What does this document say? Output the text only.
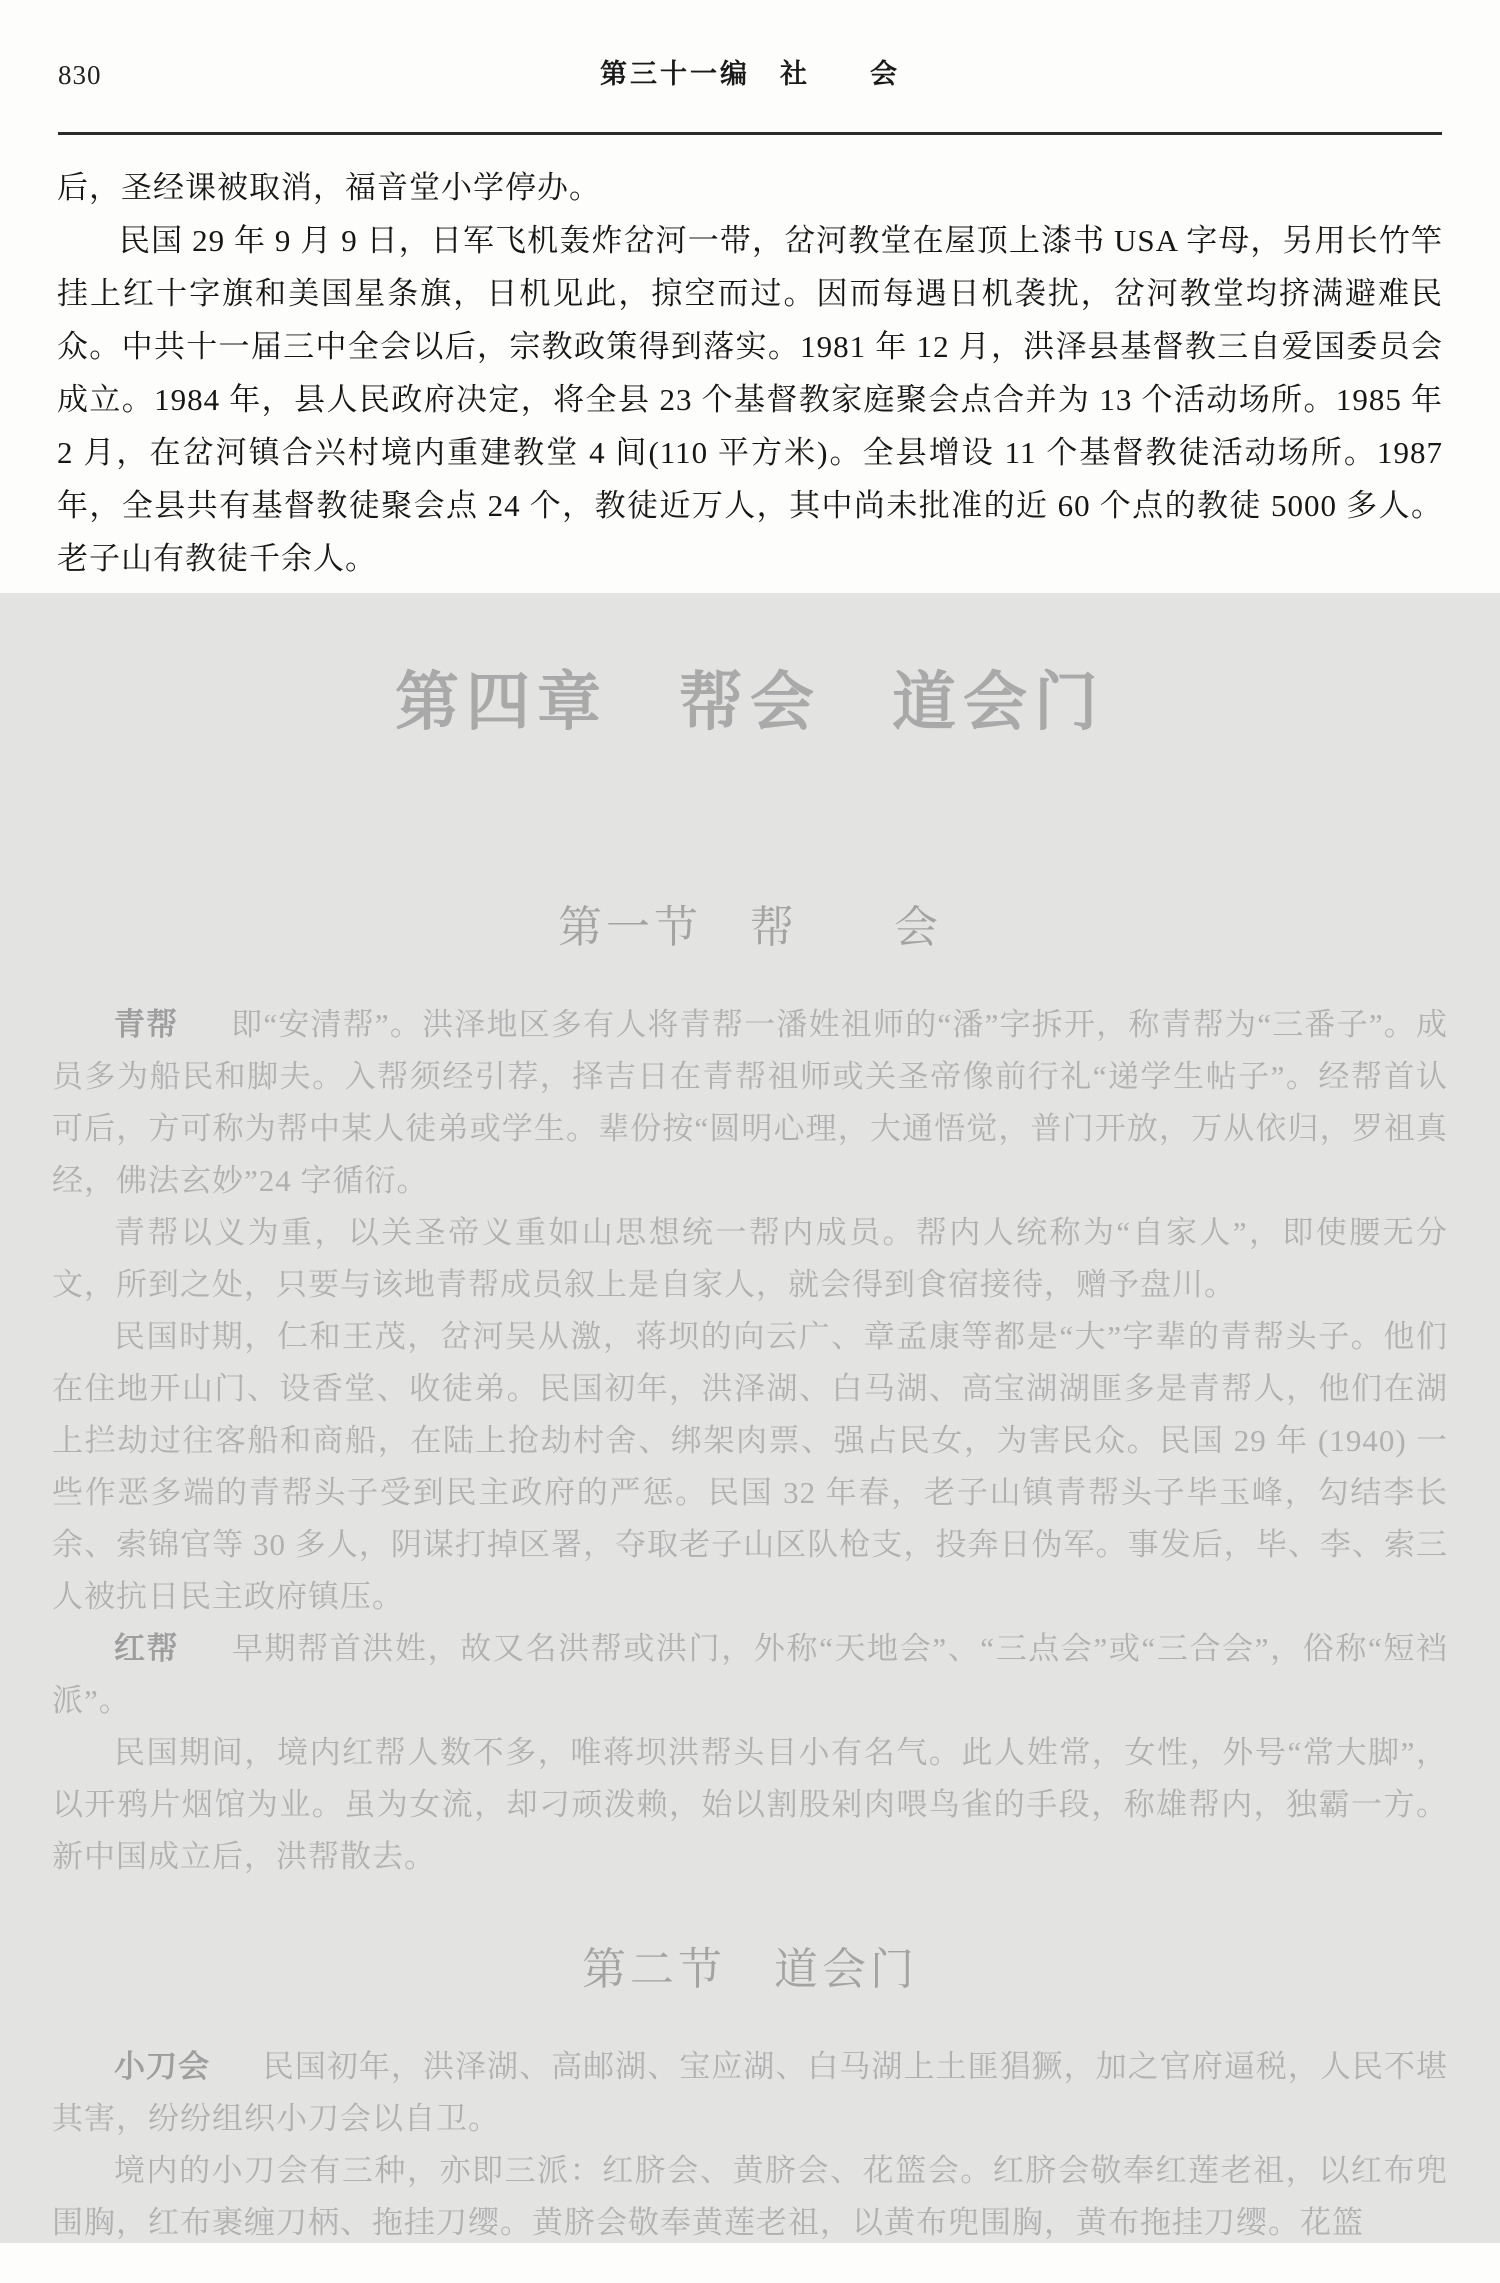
830	第三十一编　社　　会

后，圣经课被取消，福音堂小学停办。

民国 29 年 9 月 9 日，日军飞机轰炸岔河一带，岔河教堂在屋顶上漆书 USA 字母，另用长竹竿挂上红十字旗和美国星条旗，日机见此，掠空而过。因而每遇日机袭扰，岔河教堂均挤满避难民众。中共十一届三中全会以后，宗教政策得到落实。1981 年 12 月，洪泽县基督教三自爱国委员会成立。1984 年，县人民政府决定，将全县 23 个基督教家庭聚会点合并为 13 个活动场所。1985 年 2 月，在岔河镇合兴村境内重建教堂 4 间(110 平方米)。全县增设 11 个基督教徒活动场所。1987 年，全县共有基督教徒聚会点 24 个，教徒近万人，其中尚未批准的近 60 个点的教徒 5000 多人。老子山有教徒千余人。

第四章　帮会　道会门
第一节　帮　　会

青帮 即“安清帮”。洪泽地区多有人将青帮一潘姓祖师的“潘”字拆开，称青帮为“三番子”。成员多为船民和脚夫。入帮须经引荐，择吉日在青帮祖师或关圣帝像前行礼“递学生帖子”。经帮首认可后，方可称为帮中某人徒弟或学生。辈份按“圆明心理，大通悟觉，普门开放，万从依归，罗祖真经，佛法玄妙”24 字循衍。

青帮以义为重，以关圣帝义重如山思想统一帮内成员。帮内人统称为“自家人”，即使腰无分文，所到之处，只要与该地青帮成员叙上是自家人，就会得到食宿接待，赠予盘川。

民国时期，仁和王茂，岔河吴从激，蒋坝的向云广、章孟康等都是“大”字辈的青帮头子。他们在住地开山门、设香堂、收徒弟。民国初年，洪泽湖、白马湖、高宝湖湖匪多是青帮人，他们在湖上拦劫过往客船和商船，在陆上抢劫村舍、绑架肉票、强占民女，为害民众。民国 29 年 (1940) 一些作恶多端的青帮头子受到民主政府的严惩。民国 32 年春，老子山镇青帮头子毕玉峰，勾结李长余、索锦官等 30 多人，阴谋打掉区署，夺取老子山区队枪支，投奔日伪军。事发后，毕、李、索三人被抗日民主政府镇压。

红帮 早期帮首洪姓，故又名洪帮或洪门，外称“天地会”、“三点会”或“三合会”，俗称“短裆派”。

民国期间，境内红帮人数不多，唯蒋坝洪帮头目小有名气。此人姓常，女性，外号“常大脚”，以开鸦片烟馆为业。虽为女流，却刁顽泼赖，始以割股剁肉喂鸟雀的手段，称雄帮内，独霸一方。新中国成立后，洪帮散去。

第二节　道会门

小刀会 民国初年，洪泽湖、高邮湖、宝应湖、白马湖上土匪猖獗，加之官府逼税，人民不堪其害，纷纷组织小刀会以自卫。

境内的小刀会有三种，亦即三派：红脐会、黄脐会、花篮会。红脐会敬奉红莲老祖，以红布兜围胸，红布裹缠刀柄、拖挂刀缨。黄脐会敬奉黄莲老祖，以黄布兜围胸，黄布拖挂刀缨。花篮
